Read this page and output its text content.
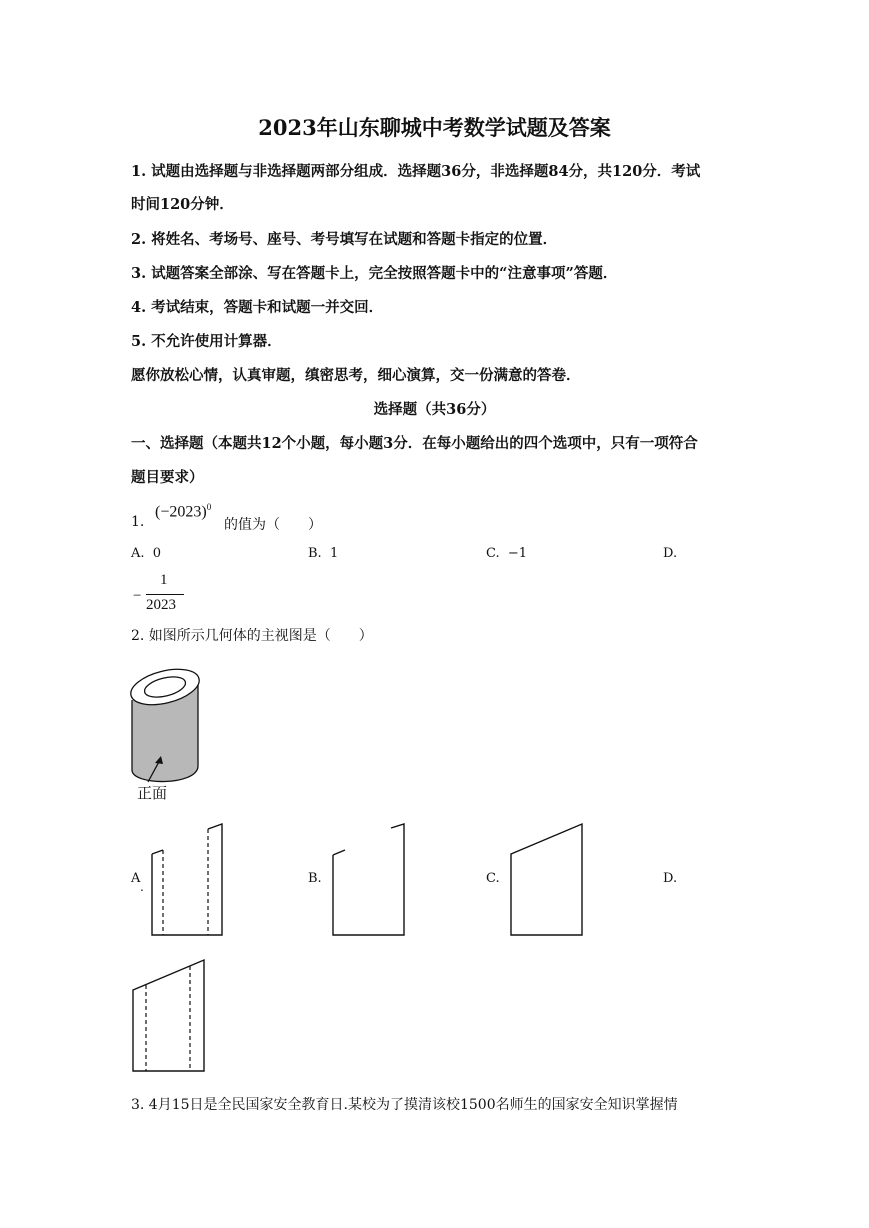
2023年山东聊城中考数学试题及答案
1. 试题由选择题与非选择题两部分组成．选择题36分，非选择题84分，共120分．考试
时间120分钟．
2. 将姓名、考场号、座号、考号填写在试题和答题卡指定的位置．
3. 试题答案全部涂、写在答题卡上，完全按照答题卡中的“注意事项”答题．
4. 考试结束，答题卡和试题一并交回．
5. 不允许使用计算器．
愿你放松心情，认真审题，缜密思考，细心演算，交一份满意的答卷．
选择题（共36分）
一、选择题（本题共12个小题，每小题3分．在每小题给出的四个选项中，只有一项符合
题目要求）
1.
$(-2023)^0$
的值为（　　）
A. 0	B. 1	C. −1	D.
−
1
2023
2. 如图所示几何体的主视图是（　　）
正面
A
.
B.	C.	D.
3. 4月15日是全民国家安全教育日.某校为了摸清该校1500名师生的国家安全知识掌握情
